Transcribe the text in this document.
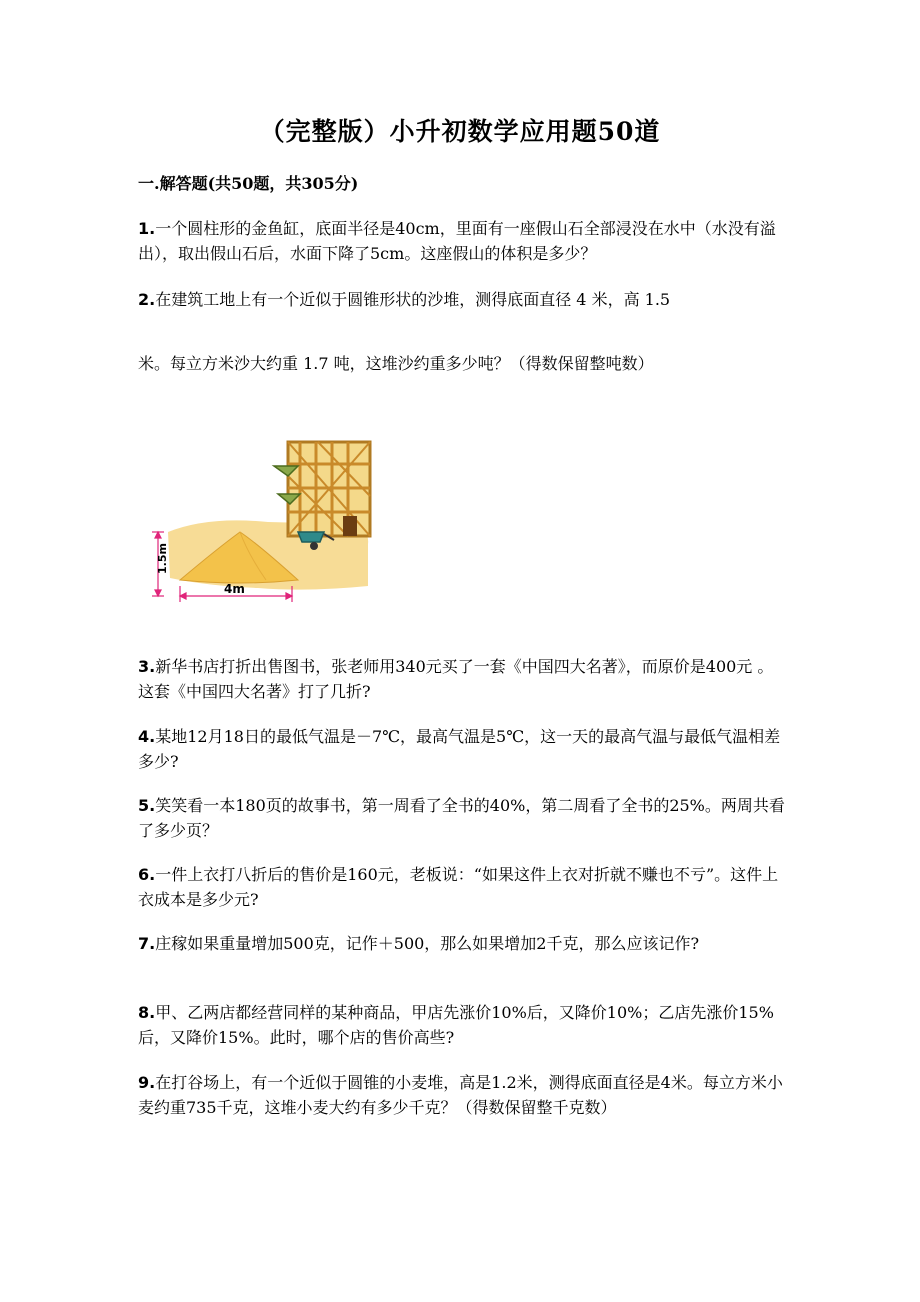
（完整版）小升初数学应用题50道
一.解答题(共50题，共305分)
1.一个圆柱形的金鱼缸，底面半径是40cm，里面有一座假山石全部浸没在水中（水没有溢出），取出假山石后，水面下降了5cm。这座假山的体积是多少？
2.在建筑工地上有一个近似于圆锥形状的沙堆，测得底面直径 4 米，高 1.5
米。每立方米沙大约重 1.7 吨，这堆沙约重多少吨？（得数保留整吨数）
1.5m
4m
3.新华书店打折出售图书，张老师用340元买了一套《中国四大名著》，而原价是400元 。这套《中国四大名著》打了几折?
4.某地12月18日的最低气温是－7℃，最高气温是5℃，这一天的最高气温与最低气温相差多少?
5.笑笑看一本180页的故事书，第一周看了全书的40%，第二周看了全书的25%。两周共看了多少页？
6.一件上衣打八折后的售价是160元，老板说：“如果这件上衣对折就不赚也不亏”。这件上衣成本是多少元?
7.庄稼如果重量增加500克，记作＋500，那么如果增加2千克，那么应该记作?
8.甲、乙两店都经营同样的某种商品，甲店先涨价10%后，又降价10%；乙店先涨价15%后，又降价15%。此时，哪个店的售价高些?
9.在打谷场上，有一个近似于圆锥的小麦堆，高是1.2米，测得底面直径是4米。每立方米小麦约重735千克，这堆小麦大约有多少千克？（得数保留整千克数）
